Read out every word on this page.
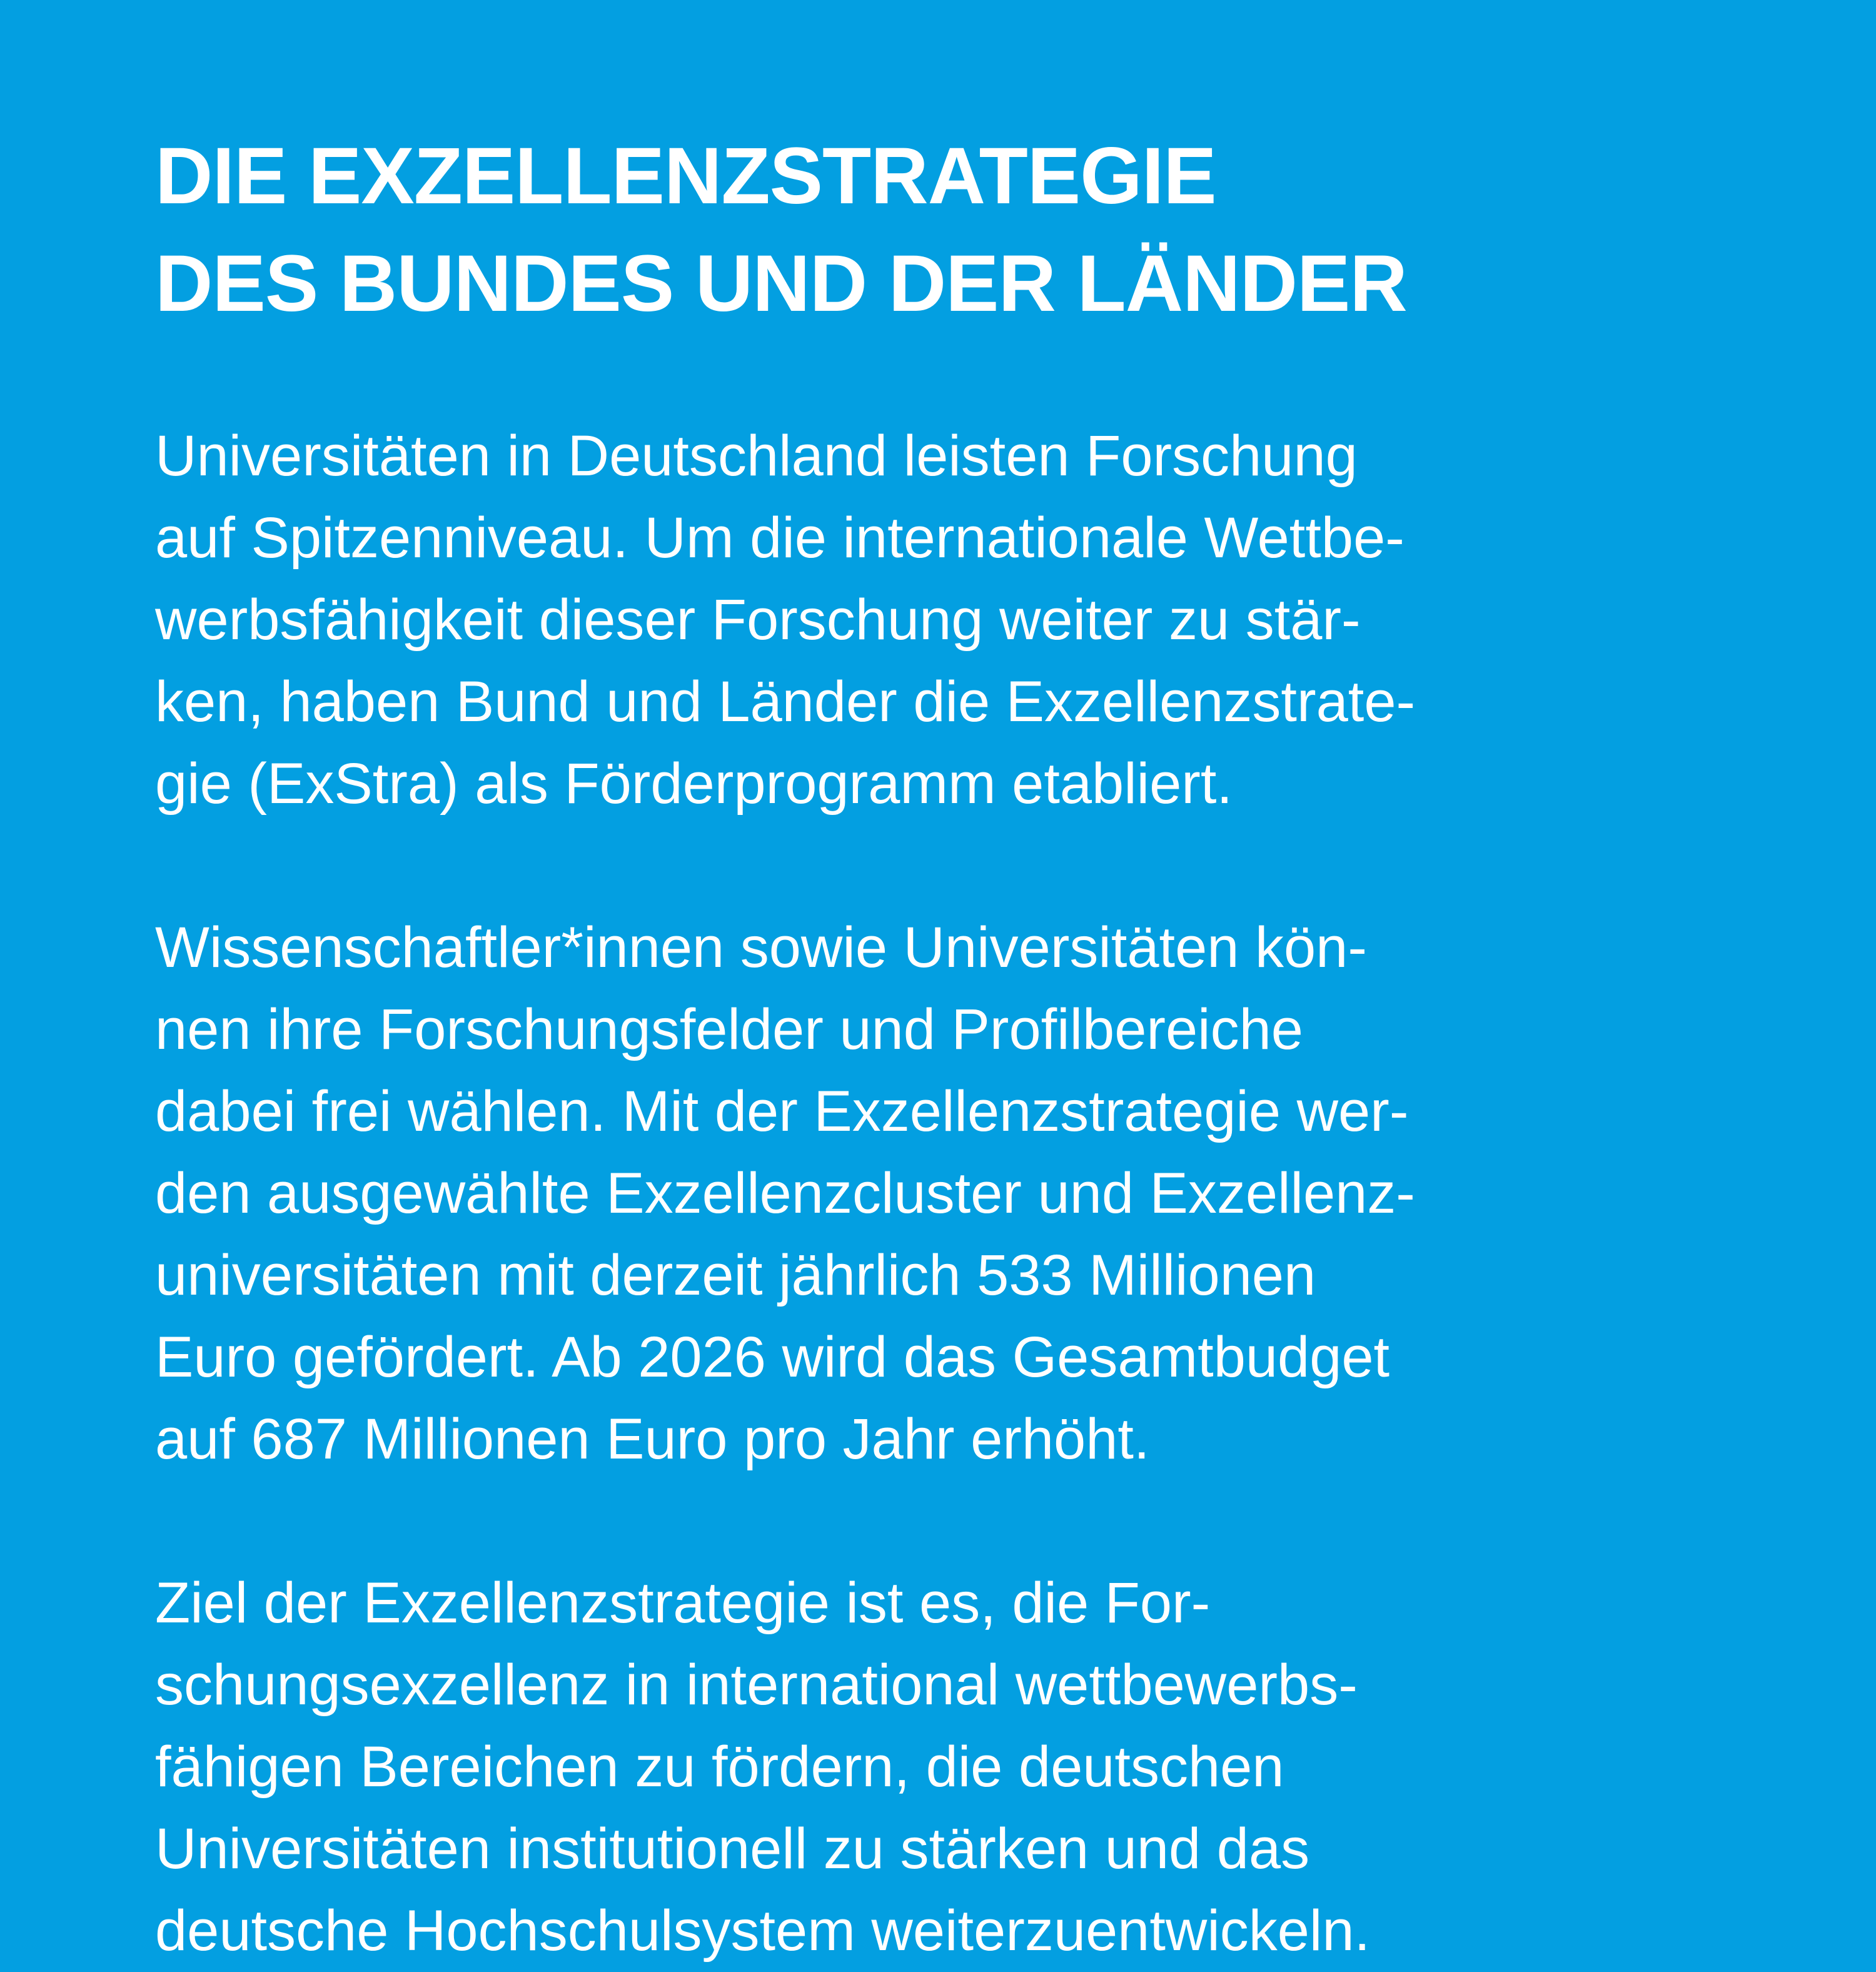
DIE EXZELLENZSTRATEGIE
DES BUNDES UND DER LÄNDER

Universitäten in Deutschland leisten Forschung
auf Spitzenniveau. Um die internationale Wettbe-
werbsfähigkeit dieser Forschung weiter zu stär-
ken, haben Bund und Länder die Exzellenzstrate-
gie (ExStra) als Förderprogramm etabliert.

Wissenschaftler*innen sowie Universitäten kön-
nen ihre Forschungsfelder und Profilbereiche
dabei frei wählen. Mit der Exzellenzstrategie wer-
den ausgewählte Exzellenzcluster und Exzellenz-
universitäten mit derzeit jährlich 533 Millionen
Euro gefördert. Ab 2026 wird das Gesamtbudget
auf 687 Millionen Euro pro Jahr erhöht.

Ziel der Exzellenzstrategie ist es, die For-
schungsexzellenz in international wettbewerbs-
fähigen Bereichen zu fördern, die deutschen
Universitäten institutionell zu stärken und das
deutsche Hochschulsystem weiterzuentwickeln.
